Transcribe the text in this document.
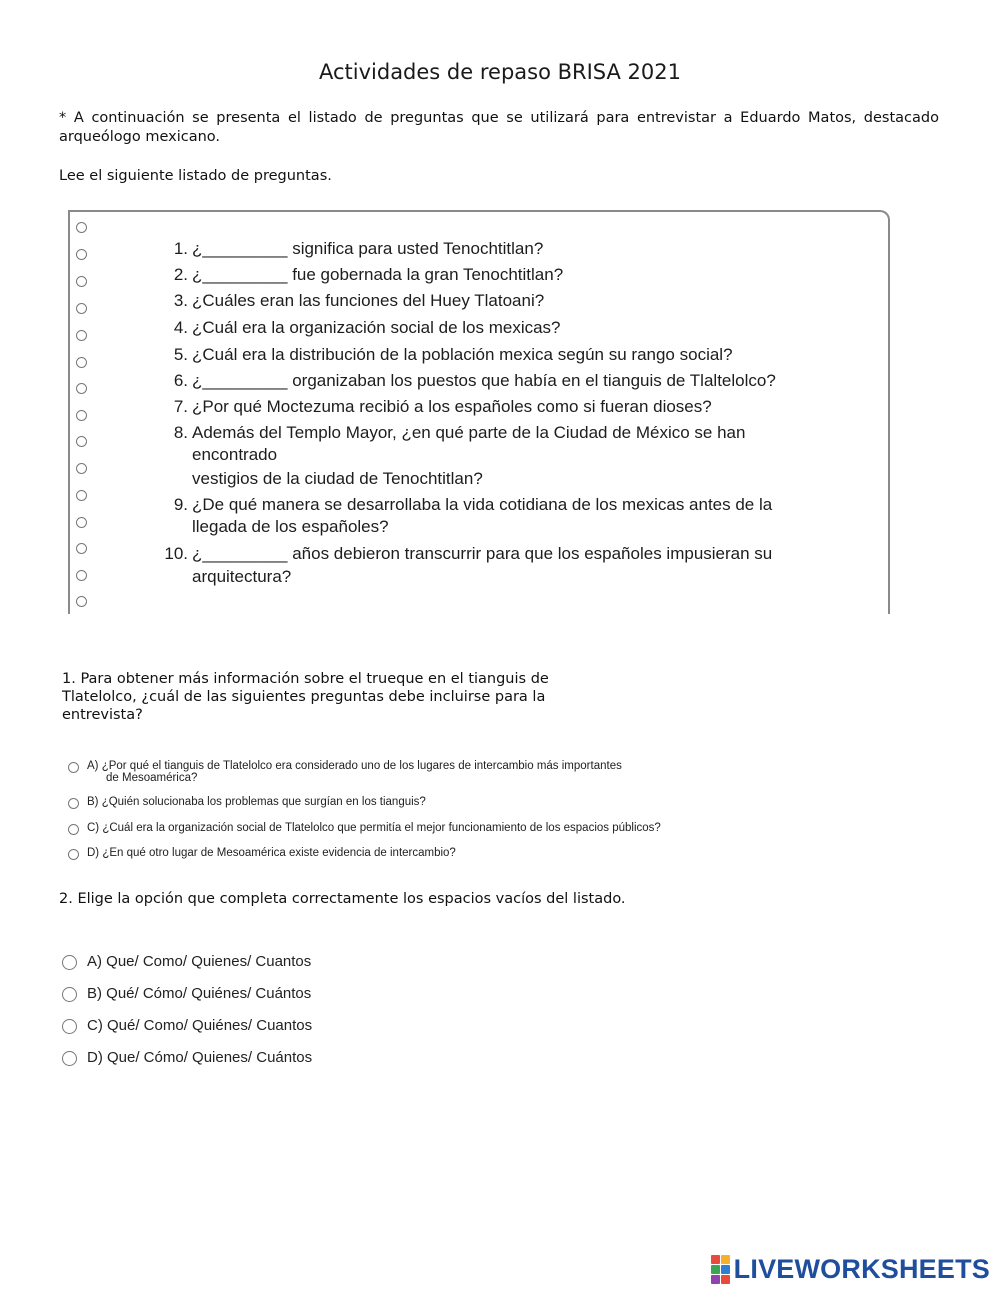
Actividades de repaso BRISA 2021
* A continuación se presenta el listado de preguntas que se utilizará para entrevistar a Eduardo Matos, destacado arqueólogo mexicano.
Lee el siguiente listado de preguntas.
1. ¿_________ significa para usted Tenochtitlan?
2. ¿_________ fue gobernada la gran Tenochtitlan?
3. ¿Cuáles eran las funciones del Huey Tlatoani?
4. ¿Cuál era la organización social de los mexicas?
5. ¿Cuál era la distribución de la población mexica según su rango social?
6. ¿_________ organizaban los puestos que había en el tianguis de Tlaltelolco?
7. ¿Por qué Moctezuma recibió a los españoles como si fueran dioses?
8. Además del Templo Mayor, ¿en qué parte de la Ciudad de México se han
encontrado
vestigios de la ciudad de Tenochtitlan?
9. ¿De qué manera se desarrollaba la vida cotidiana de los mexicas antes de la
llegada de los españoles?
10. ¿_________ años debieron transcurrir para que los españoles impusieran su
arquitectura?
1. Para obtener más información sobre el trueque en el tianguis de Tlatelolco, ¿cuál de las siguientes preguntas debe incluirse para la entrevista?
A) ¿Por qué el tianguis de Tlatelolco era considerado uno de los lugares de intercambio más importantes
de Mesoamérica?
B) ¿Quién solucionaba los problemas que surgían en los tianguis?
C) ¿Cuál era la organización social de Tlatelolco que permitía el mejor funcionamiento de los espacios públicos?
D) ¿En qué otro lugar de Mesoamérica existe evidencia de intercambio?
2. Elige la opción que completa correctamente los espacios vacíos del listado.
A) Que/ Como/ Quienes/ Cuantos
B) Qué/ Cómo/ Quiénes/ Cuántos
C) Qué/ Como/ Quiénes/ Cuantos
D) Que/ Cómo/ Quienes/ Cuántos
LIVEWORKSHEETS
